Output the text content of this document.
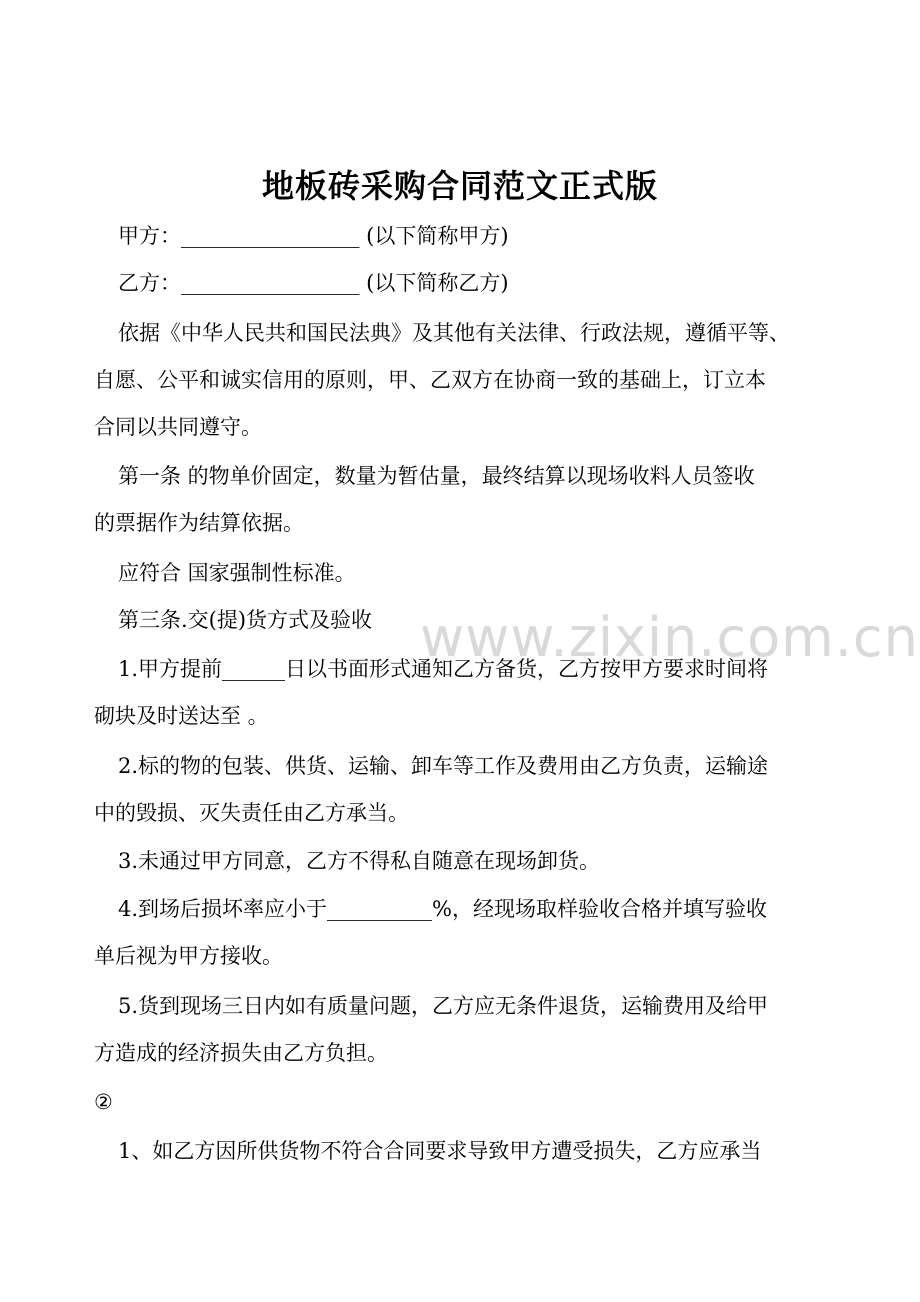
地板砖采购合同范文正式版
甲方：_________________ (以下简称甲方)
乙方：_________________ (以下简称乙方)
依据《中华人民共和国民法典》及其他有关法律、行政法规，遵循平等、
自愿、公平和诚实信用的原则，甲、乙双方在协商一致的基础上，订立本
合同以共同遵守。
第一条 的物单价固定，数量为暂估量，最终结算以现场收料人员签收
的票据作为结算依据。
应符合 国家强制性标准。
第三条.交(提)货方式及验收
1.甲方提前______日以书面形式通知乙方备货，乙方按甲方要求时间将
砌块及时送达至 。
2.标的物的包装、供货、运输、卸车等工作及费用由乙方负责，运输途
中的毁损、灭失责任由乙方承当。
3.未通过甲方同意，乙方不得私自随意在现场卸货。
4.到场后损坏率应小于__________%，经现场取样验收合格并填写验收
单后视为甲方接收。
5.货到现场三日内如有质量问题，乙方应无条件退货，运输费用及给甲
方造成的经济损失由乙方负担。
②
1、如乙方因所供货物不符合合同要求导致甲方遭受损失，乙方应承当
www.zixin.com.cn
